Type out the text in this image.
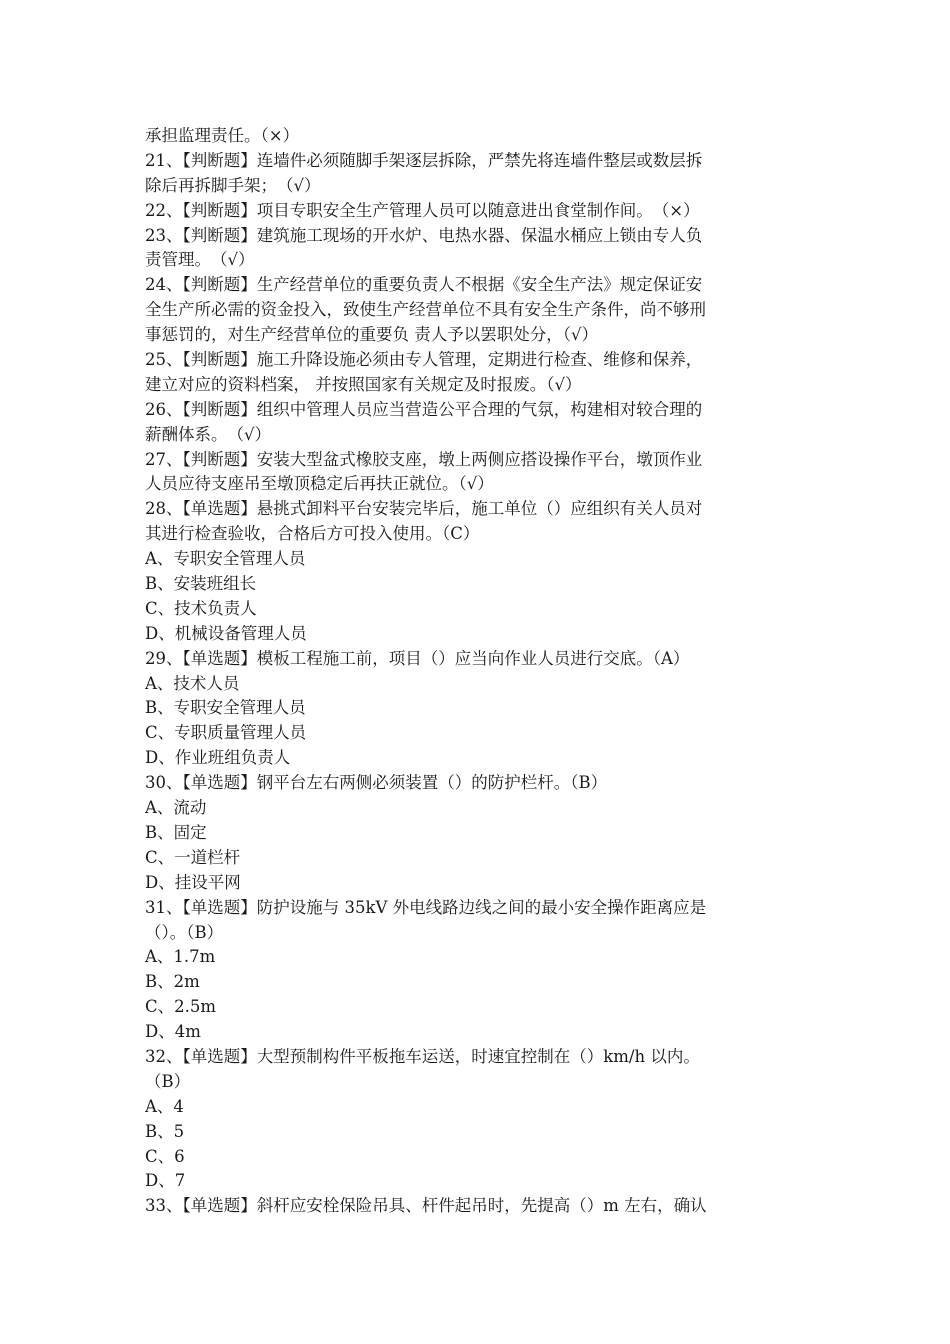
承担监理责任。（×）
21、【判断题】连墙件必须随脚手架逐层拆除，严禁先将连墙件整层或数层拆
除后再拆脚手架；　（√）
22、【判断题】项目专职安全生产管理人员可以随意进出食堂制作间。　（×）
23、【判断题】建筑施工现场的开水炉、电热水器、保温水桶应上锁由专人负
责管理。　（√）
24、【判断题】生产经营单位的重要负责人不根据《安全生产法》规定保证安
全生产所必需的资金投入，致使生产经营单位不具有安全生产条件，尚不够刑
事惩罚的，对生产经营单位的重要负 责人予以罢职处分，（√）
25、【判断题】施工升降设施必须由专人管理，定期进行检查、维修和保养，
建立对应的资料档案， 并按照国家有关规定及时报废。（√）
26、【判断题】组织中管理人员应当营造公平合理的气氛，构建相对较合理的
薪酬体系。　（√）
27、【判断题】安装大型盆式橡胶支座，墩上两侧应搭设操作平台，墩顶作业
人员应待支座吊至墩顶稳定后再扶正就位。（√）
28、【单选题】悬挑式卸料平台安装完毕后，施工单位（）应组织有关人员对
其进行检查验收，合格后方可投入使用。（C）
A、专职安全管理人员
B、安装班组长
C、技术负责人
D、机械设备管理人员
29、【单选题】模板工程施工前，项目（）应当向作业人员进行交底。（A）
A、技术人员
B、专职安全管理人员
C、专职质量管理人员
D、作业班组负责人
30、【单选题】钢平台左右两侧必须装置（）的防护栏杆。（B）
A、流动
B、固定
C、一道栏杆
D、挂设平网
31、【单选题】防护设施与 35kV 外电线路边线之间的最小安全操作距离应是
（）。（B）
A、1.7m
B、2m
C、2.5m
D、4m
32、【单选题】大型预制构件平板拖车运送，时速宜控制在（）km/h 以内。
（B）
A、4
B、5
C、6
D、7
33、【单选题】斜杆应安栓保险吊具、杆件起吊时，先提高（）m 左右，确认
